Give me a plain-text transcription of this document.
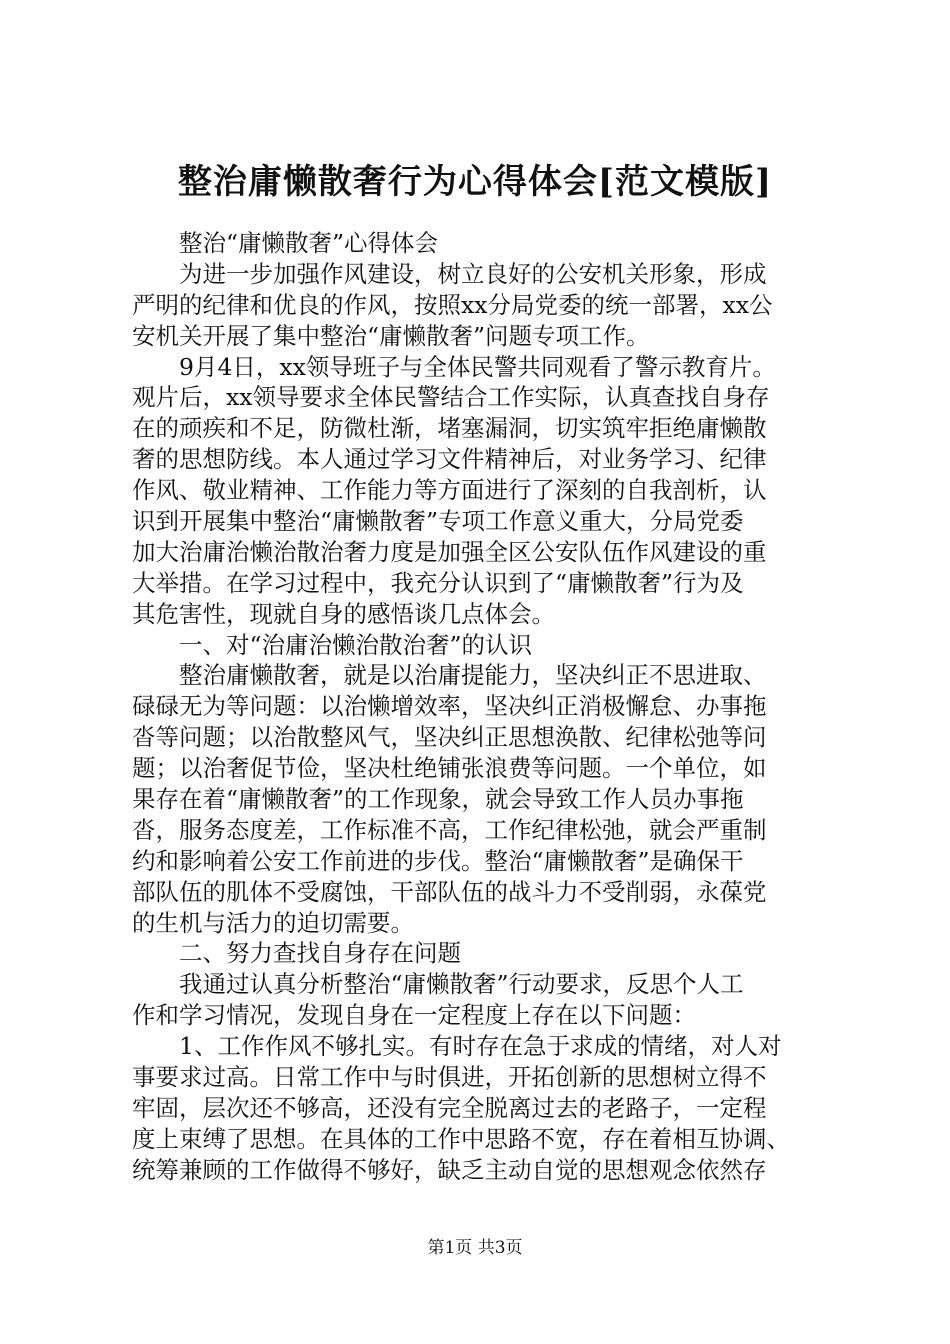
整治庸懒散奢行为心得体会[范文模版]
　　整治“庸懒散奢”心得体会
　　为进一步加强作风建设，树立良好的公安机关形象，形成
严明的纪律和优良的作风，按照xx分局党委的统一部署，xx公
安机关开展了集中整治“庸懒散奢”问题专项工作。
　　9月4日，xx领导班子与全体民警共同观看了警示教育片。
观片后，xx领导要求全体民警结合工作实际，认真查找自身存
在的顽疾和不足，防微杜渐，堵塞漏洞，切实筑牢拒绝庸懒散
奢的思想防线。本人通过学习文件精神后，对业务学习、纪律
作风、敬业精神、工作能力等方面进行了深刻的自我剖析，认
识到开展集中整治“庸懒散奢”专项工作意义重大，分局党委
加大治庸治懒治散治奢力度是加强全区公安队伍作风建设的重
大举措。在学习过程中，我充分认识到了“庸懒散奢”行为及
其危害性，现就自身的感悟谈几点体会。
　　一、对“治庸治懒治散治奢”的认识
　　整治庸懒散奢，就是以治庸提能力，坚决纠正不思进取、
碌碌无为等问题：以治懒增效率，坚决纠正消极懈怠、办事拖
沓等问题；以治散整风气，坚决纠正思想涣散、纪律松弛等问
题；以治奢促节俭，坚决杜绝铺张浪费等问题。一个单位，如
果存在着“庸懒散奢”的工作现象，就会导致工作人员办事拖
沓，服务态度差，工作标准不高，工作纪律松弛，就会严重制
约和影响着公安工作前进的步伐。整治“庸懒散奢”是确保干
部队伍的肌体不受腐蚀，干部队伍的战斗力不受削弱，永葆党
的生机与活力的迫切需要。
　　二、努力查找自身存在问题
　　我通过认真分析整治“庸懒散奢”行动要求，反思个人工
作和学习情况，发现自身在一定程度上存在以下问题：
　　1、工作作风不够扎实。有时存在急于求成的情绪，对人对
事要求过高。日常工作中与时俱进，开拓创新的思想树立得不
牢固，层次还不够高，还没有完全脱离过去的老路子，一定程
度上束缚了思想。在具体的工作中思路不宽，存在着相互协调、
统筹兼顾的工作做得不够好，缺乏主动自觉的思想观念依然存
第1页 共3页
